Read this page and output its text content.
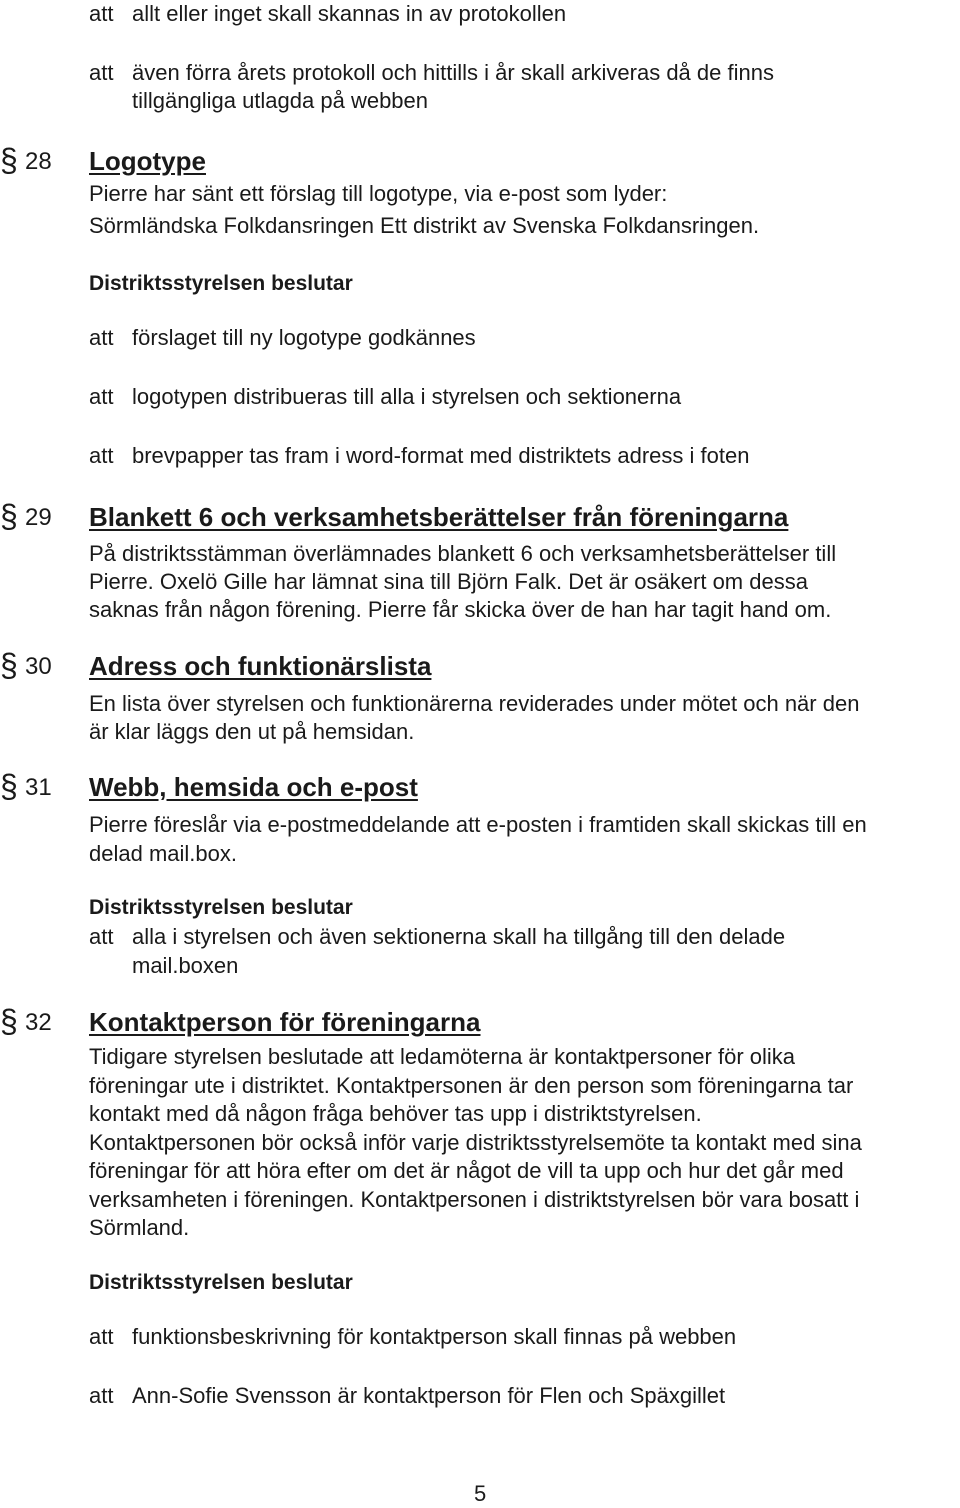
att allt eller inget skall skannas in av protokollen
att även förra årets protokoll och hittills i år skall arkiveras då de finns
tillgängliga utlagda på webben
§ 28 Logotype
Pierre har sänt ett förslag till logotype, via e-post som lyder:
Sörmländska Folkdansringen Ett distrikt av Svenska Folkdansringen.
Distriktsstyrelsen beslutar
att förslaget till ny logotype godkännes
att logotypen distribueras till alla i styrelsen och sektionerna
att brevpapper tas fram i word-format med distriktets adress i foten
§ 29 Blankett 6 och verksamhetsberättelser från föreningarna
På distriktsstämman överlämnades blankett 6 och verksamhetsberättelser till
Pierre. Oxelö Gille har lämnat sina till Björn Falk. Det är osäkert om dessa
saknas från någon förening. Pierre får skicka över de han har tagit hand om.
§ 30 Adress och funktionärslista
En lista över styrelsen och funktionärerna reviderades under mötet och när den
är klar läggs den ut på hemsidan.
§ 31 Webb, hemsida och e-post
Pierre föreslår via e-postmeddelande att e-posten i framtiden skall skickas till en
delad mail.box.
Distriktsstyrelsen beslutar
att alla i styrelsen och även sektionerna skall ha tillgång till den delade
mail.boxen
§ 32 Kontaktperson för föreningarna
Tidigare styrelsen beslutade att ledamöterna är kontaktpersoner för olika
föreningar ute i distriktet. Kontaktpersonen är den person som föreningarna tar
kontakt med då någon fråga behöver tas upp i distriktstyrelsen.
Kontaktpersonen bör också inför varje distriktsstyrelsemöte ta kontakt med sina
föreningar för att höra efter om det är något de vill ta upp och hur det går med
verksamheten i föreningen. Kontaktpersonen i distriktstyrelsen bör vara bosatt i
Sörmland.
Distriktsstyrelsen beslutar
att funktionsbeskrivning för kontaktperson skall finnas på webben
att Ann-Sofie Svensson är kontaktperson för Flen och Späxgillet
5
